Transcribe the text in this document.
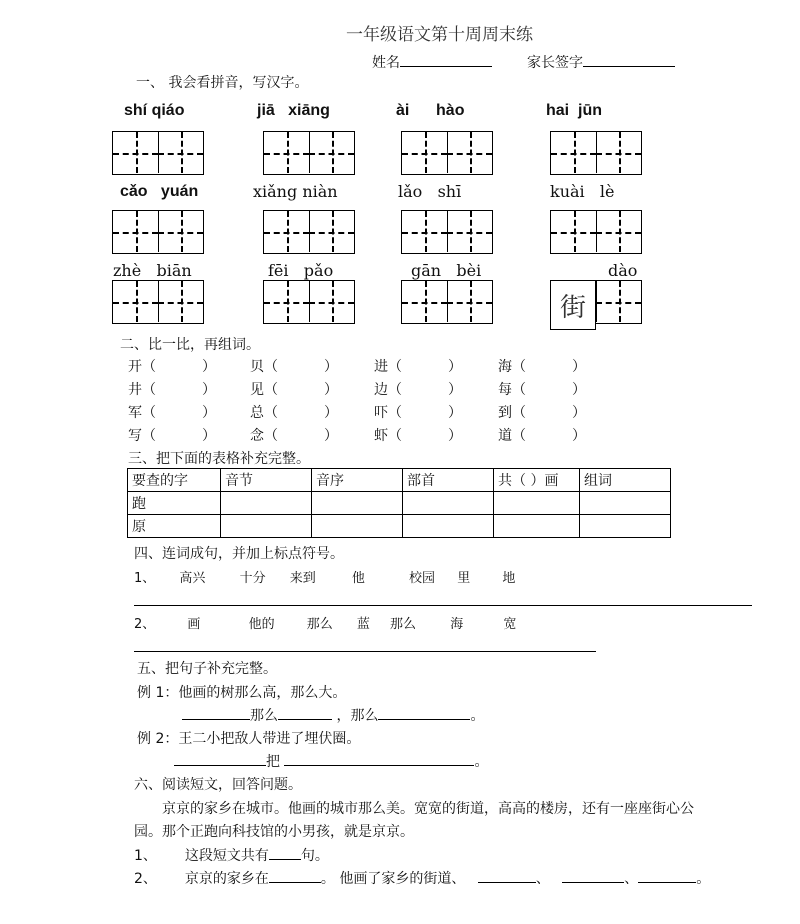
一年级语文第十周周末练
姓名	家长签字
一、 我会看拼音，写汉字。
shí qiáo	jiā xiāng	ài hào	hai jūn
cǎo yuán	xiǎng niàn	lǎo shī	kuài lè
zhè biān	fēi pǎo	gān bèi	dào
街
二、比一比，再组词。
开（	） 贝（	）	进（	）	海（	）
井（	） 见（	）	边（	）	每（	）
军（	） 总（	）	吓（	）	到（	）
写（	） 念（	）	虾（	）	道（	）
三、把下面的表格补充完整。
要查的字	音节	音序	部首	共（ ）画	组词
跑					
原					
四、连词成句，并加上标点符号。
1、 高兴	十分 来到	他	校园 里 地
2、 画	他的 那么 蓝 那么	海	宽
五、把句子补充完整。
例 1：他画的树那么高，那么大。
那么	，那么	。
例 2：王二小把敌人带进了埋伏圈。
把	。
六、阅读短文，回答问题。
京京的家乡在城市。他画的城市那么美。宽宽的街道，高高的楼房，还有一座座街心公
园。那个正跑向科技馆的小男孩，就是京京。
1、 这段短文共有 句。
2、 京京的家乡在	。 他画了家乡的街道、	、	、	。
